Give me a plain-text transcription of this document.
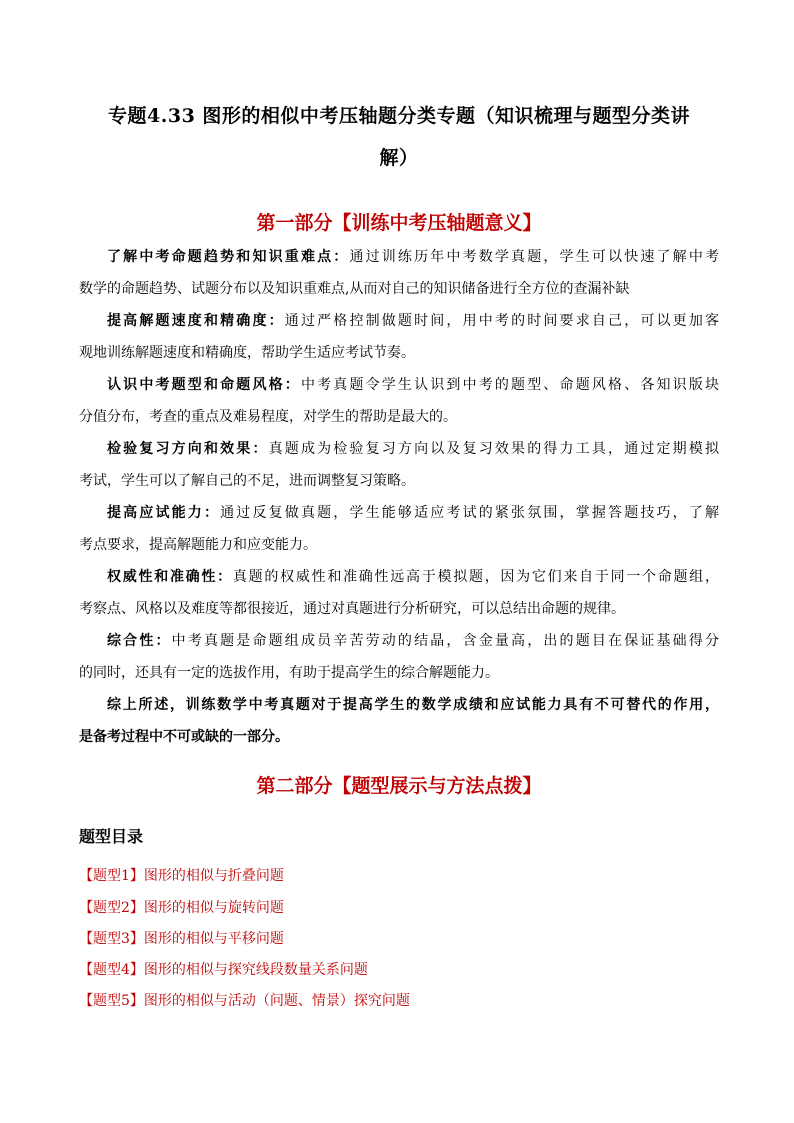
专题4.33 图形的相似中考压轴题分类专题（知识梳理与题型分类讲
解）
第一部分【训练中考压轴题意义】
了解中考命题趋势和知识重难点：通过训练历年中考数学真题，学生可以快速了解中考
数学的命题趋势、试题分布以及知识重难点,从而对自己的知识储备进行全方位的查漏补缺
提高解题速度和精确度：通过严格控制做题时间，用中考的时间要求自己，可以更加客
观地训练解题速度和精确度，帮助学生适应考试节奏。
认识中考题型和命题风格：中考真题令学生认识到中考的题型、命题风格、各知识版块
分值分布，考查的重点及难易程度，对学生的帮助是最大的。
检验复习方向和效果：真题成为检验复习方向以及复习效果的得力工具，通过定期模拟
考试，学生可以了解自己的不足，进而调整复习策略。
提高应试能力：通过反复做真题，学生能够适应考试的紧张氛围，掌握答题技巧，了解
考点要求，提高解题能力和应变能力。
权威性和准确性：真题的权威性和准确性远高于模拟题，因为它们来自于同一个命题组，
考察点、风格以及难度等都很接近，通过对真题进行分析研究，可以总结出命题的规律。
综合性：中考真题是命题组成员辛苦劳动的结晶，含金量高，出的题目在保证基础得分
的同时，还具有一定的选拔作用，有助于提高学生的综合解题能力。
综上所述，训练数学中考真题对于提高学生的数学成绩和应试能力具有不可替代的作用，
是备考过程中不可或缺的一部分。
第二部分【题型展示与方法点拨】
题型目录
【题型1】图形的相似与折叠问题
【题型2】图形的相似与旋转问题
【题型3】图形的相似与平移问题
【题型4】图形的相似与探究线段数量关系问题
【题型5】图形的相似与活动（问题、情景）探究问题
